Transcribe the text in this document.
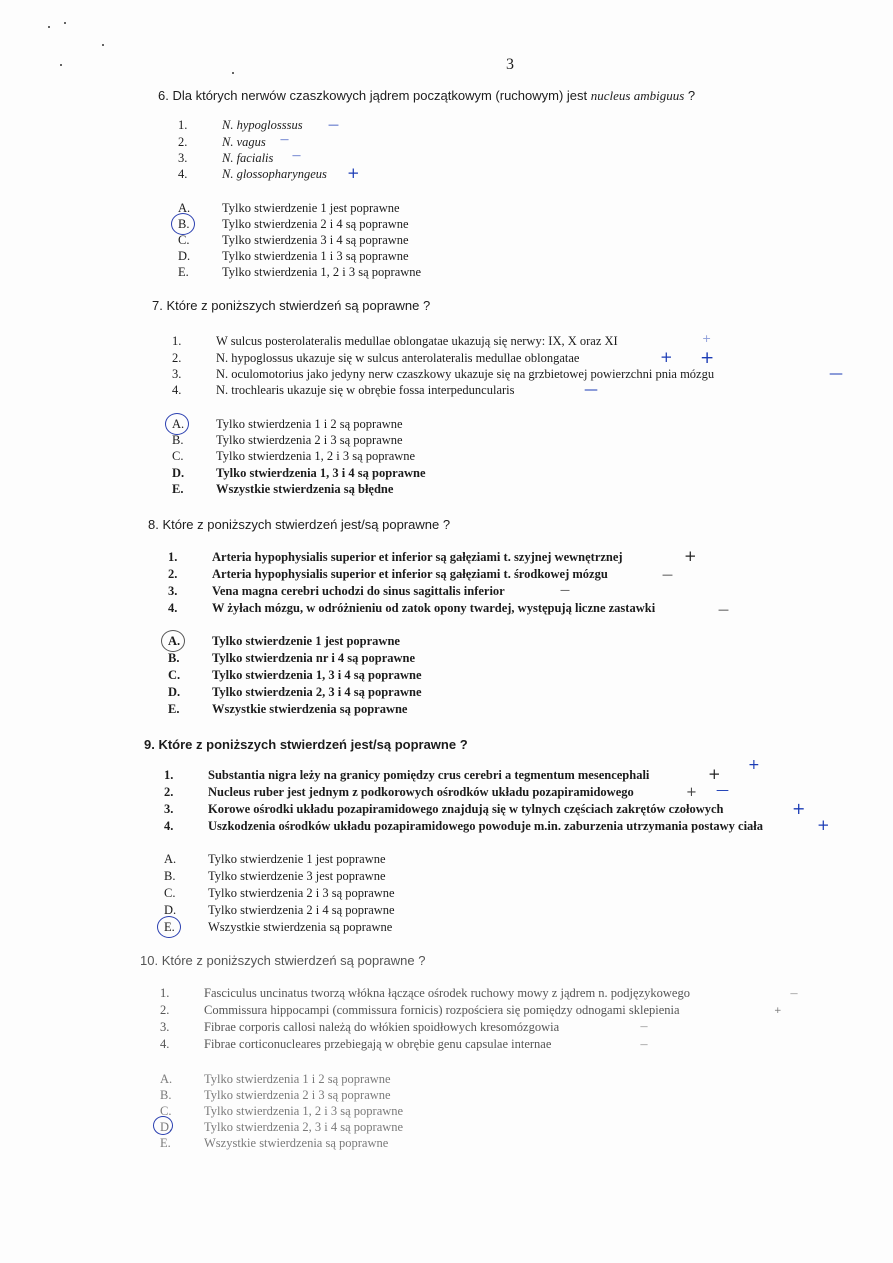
3
6. Dla których nerwów czaszkowych jądrem początkowym (ruchowym) jest nucleus ambiguus ?
1.	N. hypoglosssus
2.	N. vagus
3.	N. facialis
4.	N. glossopharyngeus
—
—
—
+
A.	Tylko stwierdzenie 1 jest poprawne
B.	Tylko stwierdzenia 2 i 4 są poprawne
C.	Tylko stwierdzenia 3 i 4 są poprawne
D.	Tylko stwierdzenia 1 i 3 są poprawne
E.	Tylko stwierdzenia 1, 2 i 3 są poprawne
7. Które z poniższych stwierdzeń są poprawne ?
1.	W sulcus posterolateralis medullae oblongatae ukazują się nerwy: IX, X oraz XI
2.	N. hypoglossus ukazuje się w sulcus anterolateralis medullae oblongatae
3.	N. oculomotorius jako jedyny nerw czaszkowy ukazuje się na grzbietowej powierzchni pnia mózgu
4.	N. trochlearis ukazuje się w obrębie fossa interpeduncularis
+
+ +
—
—
A.	Tylko stwierdzenia 1 i 2 są poprawne
B.	Tylko stwierdzenia 2 i 3 są poprawne
C.	Tylko stwierdzenia 1, 2 i 3 są poprawne
D.	Tylko stwierdzenia 1, 3 i 4 są poprawne
E.	Wszystkie stwierdzenia są błędne
8. Które z poniższych stwierdzeń jest/są poprawne ?
1.	Arteria hypophysialis superior et inferior są gałęziami t. szyjnej wewnętrznej
2.	Arteria hypophysialis superior et inferior są gałęziami t. środkowej mózgu
3.	Vena magna cerebri uchodzi do sinus sagittalis inferior
4.	W żyłach mózgu, w odróżnieniu od zatok opony twardej, występują liczne zastawki
+
—
—
—
A.	Tylko stwierdzenie 1 jest poprawne
B.	Tylko stwierdzenia nr i 4 są poprawne
C.	Tylko stwierdzenia 1, 3 i 4 są poprawne
D.	Tylko stwierdzenia 2, 3 i 4 są poprawne
E.	Wszystkie stwierdzenia są poprawne
9. Które z poniższych stwierdzeń jest/są poprawne ?
1.	Substantia nigra leży na granicy pomiędzy crus cerebri a tegmentum mesencephali
2.	Nucleus ruber jest jednym z podkorowych ośrodków układu pozapiramidowego
3.	Korowe ośrodki układu pozapiramidowego znajdują się w tylnych częściach zakrętów czołowych
4.	Uszkodzenia ośrodków układu pozapiramidowego powoduje m.in. zaburzenia utrzymania postawy ciała
+ +
+ —
+
+
A.	Tylko stwierdzenie 1 jest poprawne
B.	Tylko stwierdzenie 3 jest poprawne
C.	Tylko stwierdzenia 2 i 3 są poprawne
D.	Tylko stwierdzenia 2 i 4 są poprawne
E.	Wszystkie stwierdzenia są poprawne
10. Które z poniższych stwierdzeń są poprawne ?
1.	Fasciculus uncinatus tworzą włókna łączące ośrodek ruchowy mowy z jądrem n. podjęzykowego
2.	Commissura hippocampi (commissura fornicis) rozpościera się pomiędzy odnogami sklepienia
3.	Fibrae corporis callosi należą do włókien spoidłowych kresomózgowia
4.	Fibrae corticonucleares przebiegają w obrębie genu capsulae internae
—
+
—
—
A.	Tylko stwierdzenia 1 i 2 są poprawne
B.	Tylko stwierdzenia 2 i 3 są poprawne
C.	Tylko stwierdzenia 1, 2 i 3 są poprawne
D.	Tylko stwierdzenia 2, 3 i 4 są poprawne
E.	Wszystkie stwierdzenia są poprawne
